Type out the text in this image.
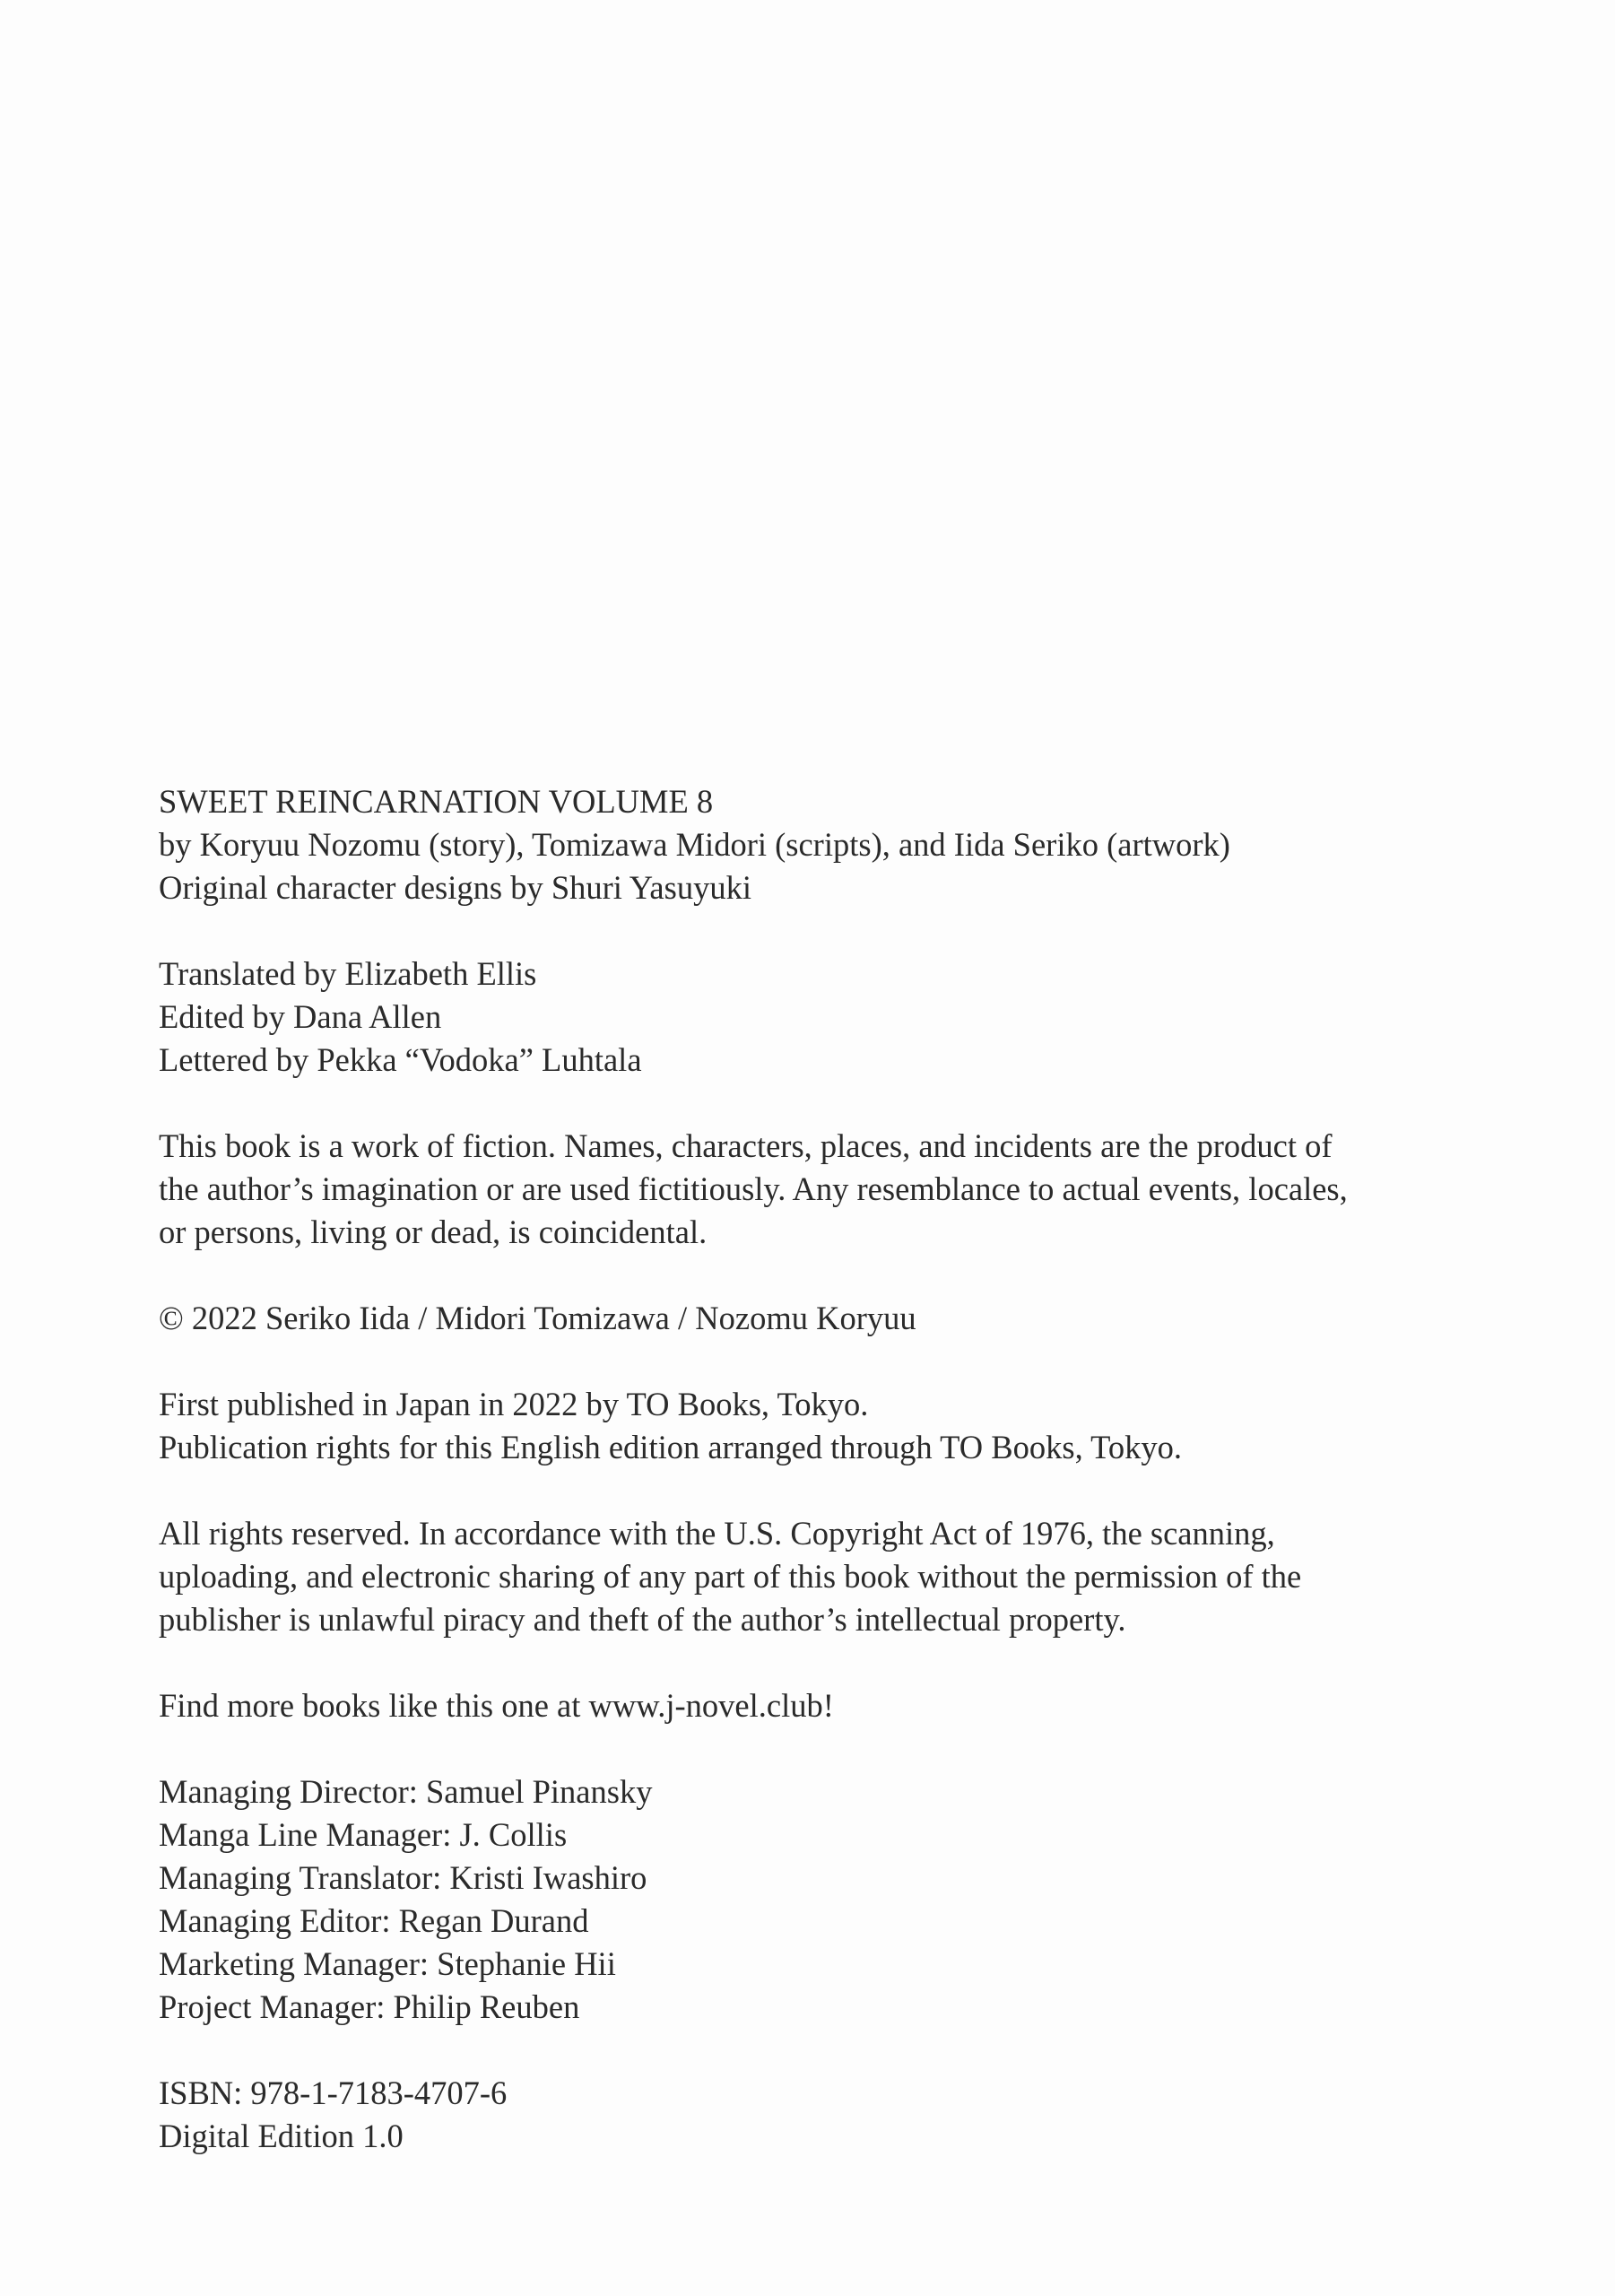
SWEET REINCARNATION VOLUME 8
by Koryuu Nozomu (story), Tomizawa Midori (scripts), and Iida Seriko (artwork)
Original character designs by Shuri Yasuyuki
Translated by Elizabeth Ellis
Edited by Dana Allen
Lettered by Pekka “Vodoka” Luhtala
This book is a work of fiction. Names, characters, places, and incidents are the product of
the author’s imagination or are used fictitiously. Any resemblance to actual events, locales,
or persons, living or dead, is coincidental.
© 2022 Seriko Iida / Midori Tomizawa / Nozomu Koryuu
First published in Japan in 2022 by TO Books, Tokyo.
Publication rights for this English edition arranged through TO Books, Tokyo.
All rights reserved. In accordance with the U.S. Copyright Act of 1976, the scanning,
uploading, and electronic sharing of any part of this book without the permission of the
publisher is unlawful piracy and theft of the author’s intellectual property.
Find more books like this one at www.j-novel.club!
Managing Director: Samuel Pinansky
Manga Line Manager: J. Collis
Managing Translator: Kristi Iwashiro
Managing Editor: Regan Durand
Marketing Manager: Stephanie Hii
Project Manager: Philip Reuben
ISBN: 978-1-7183-4707-6
Digital Edition 1.0
